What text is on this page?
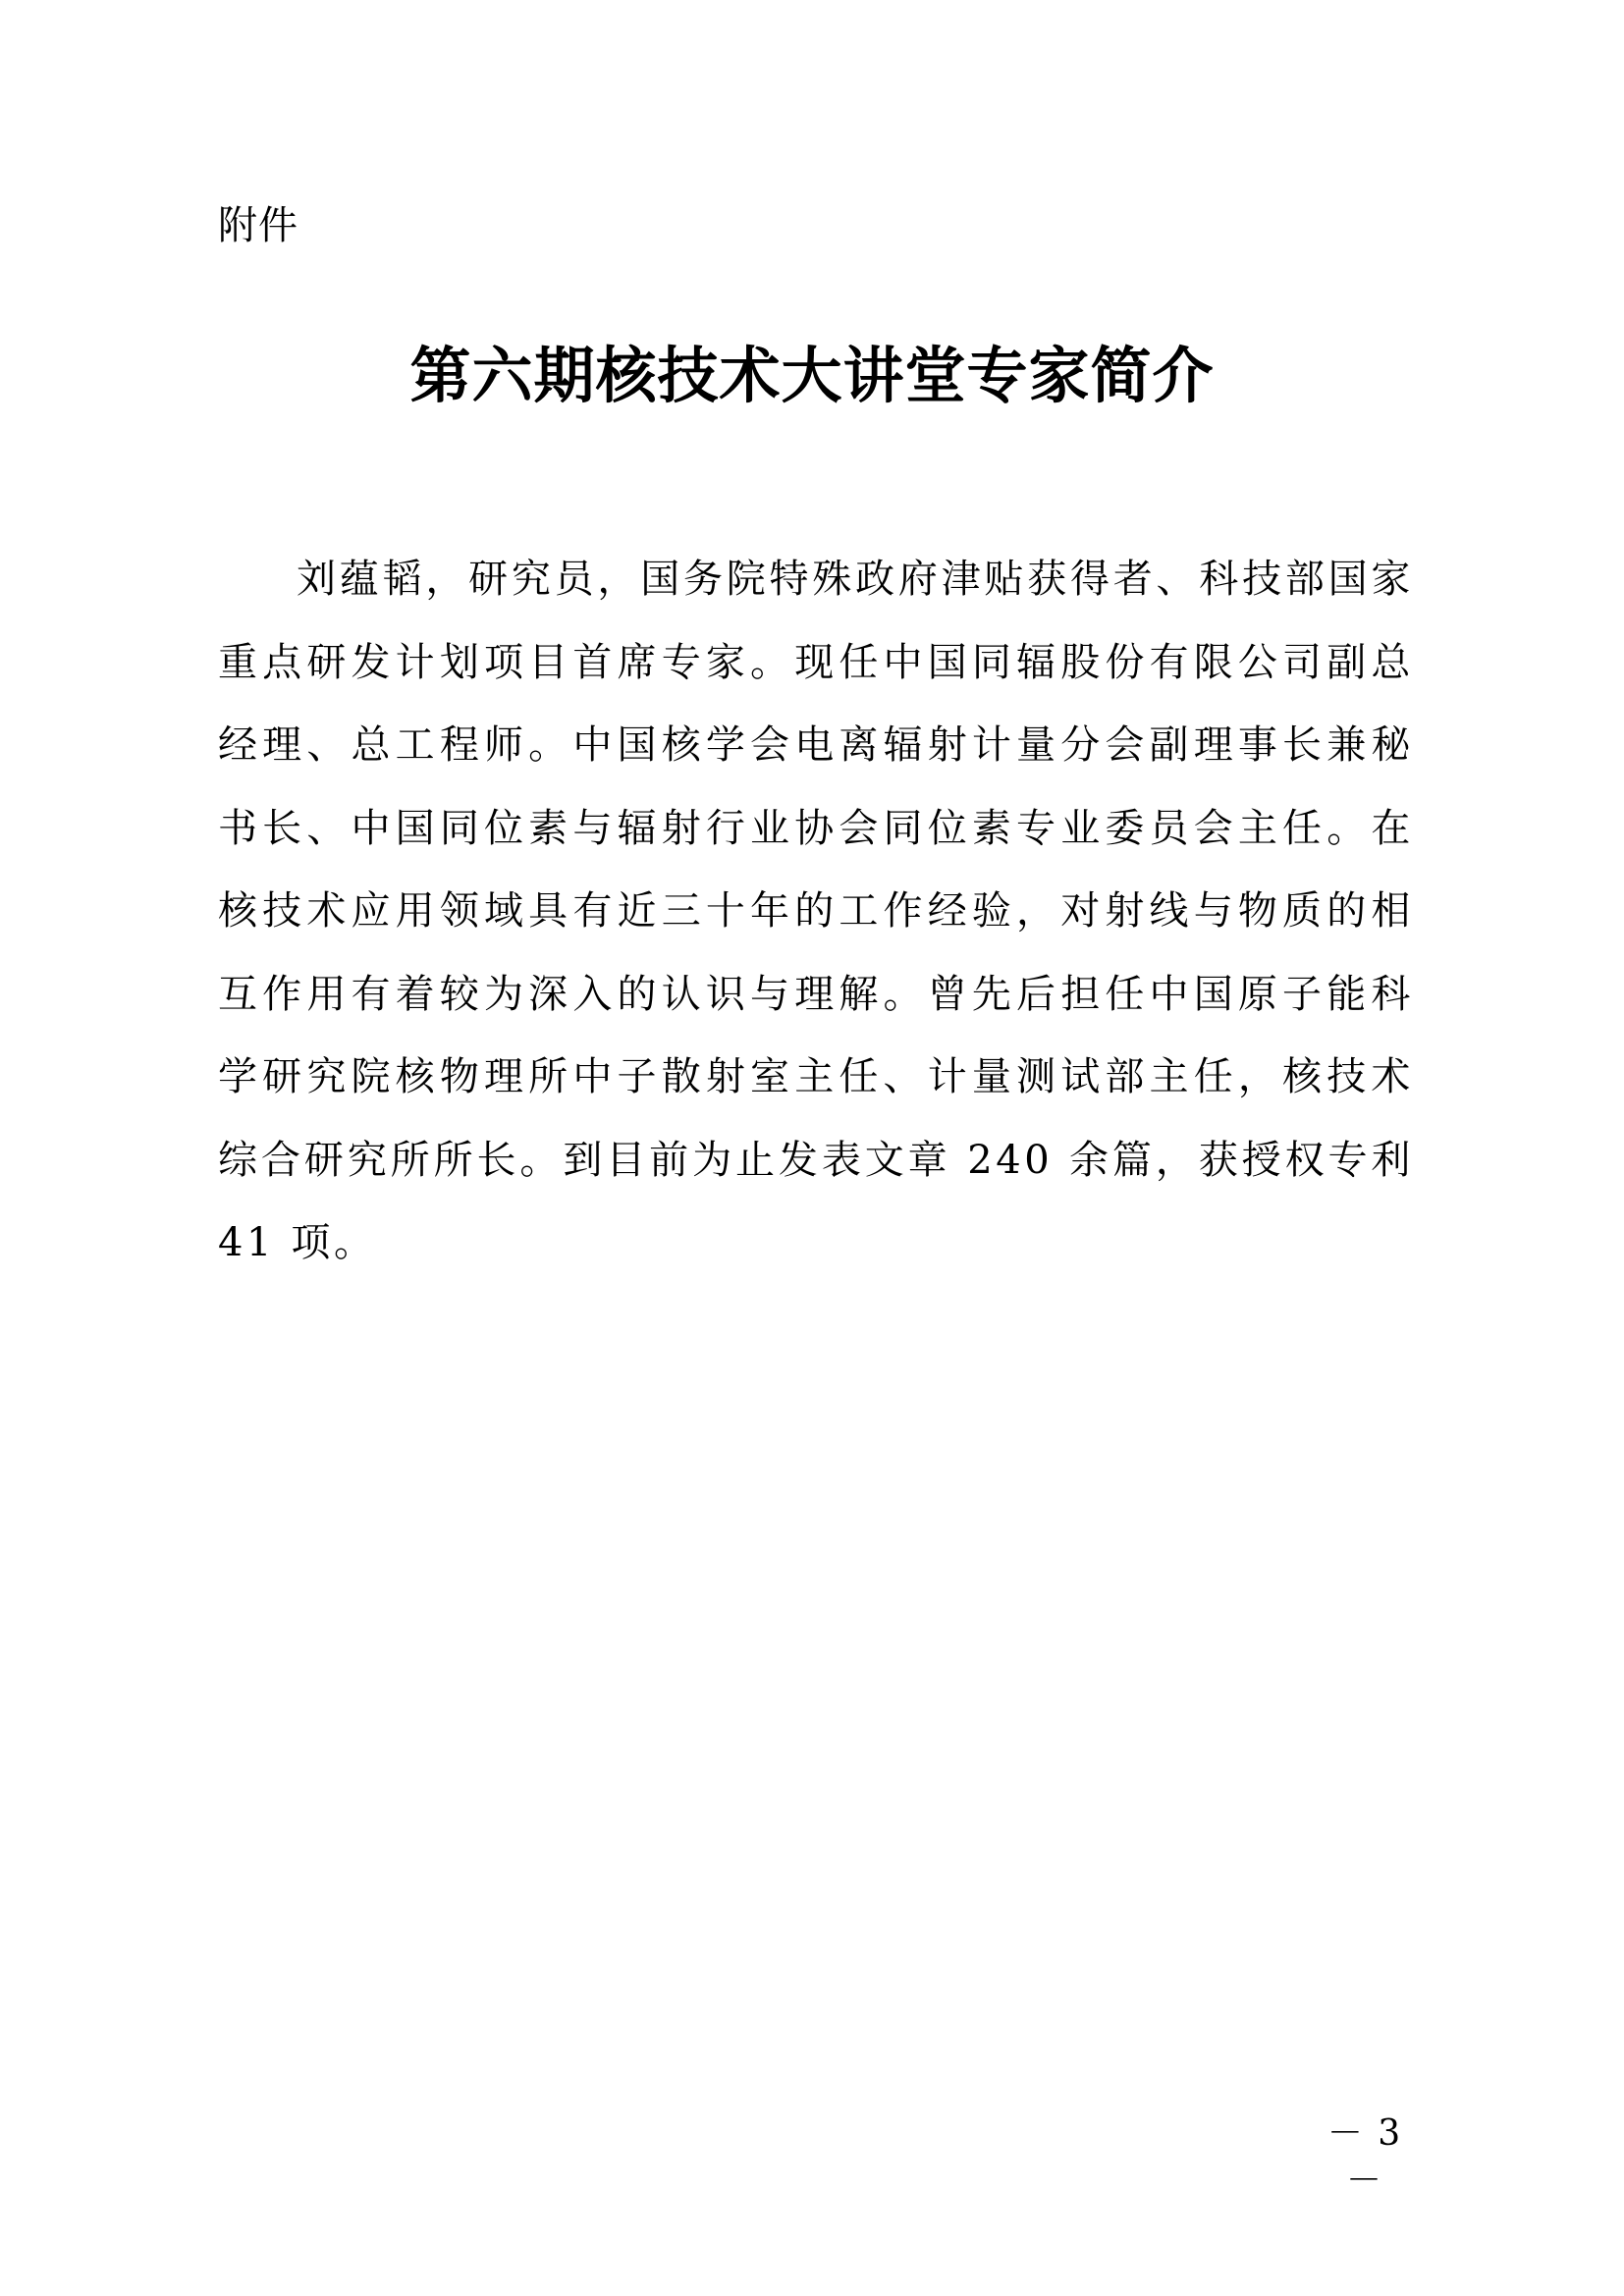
附件
第六期核技术大讲堂专家简介

刘蕴韬，研究员，国务院特殊政府津贴获得者、科技部国家重点研发计划项目首席专家。现任中国同辐股份有限公司副总经理、总工程师。中国核学会电离辐射计量分会副理事长兼秘书长、中国同位素与辐射行业协会同位素专业委员会主任。在核技术应用领域具有近三十年的工作经验，对射线与物质的相互作用有着较为深入的认识与理解。曾先后担任中国原子能科学研究院核物理所中子散射室主任、计量测试部主任，核技术综合研究所所长。到目前为止发表文章 240 余篇，获授权专利 41 项。

－ 3 －
